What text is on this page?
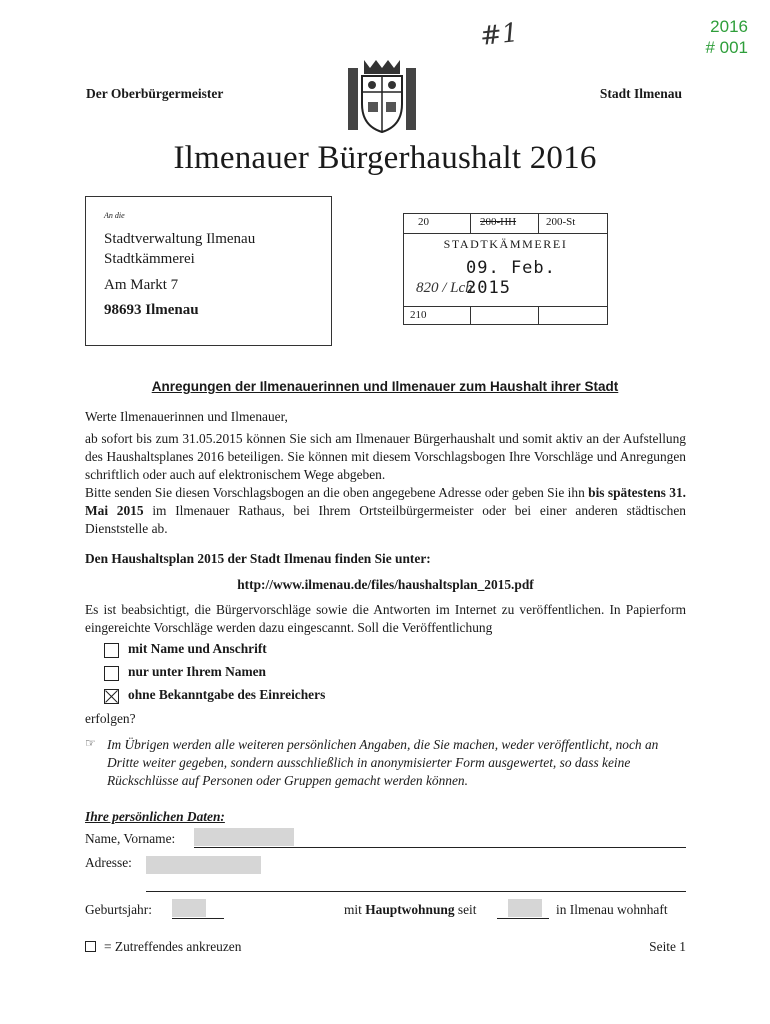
2016
# 001
#1
Der Oberbürgermeister	Stadt Ilmenau
Ilmenauer Bürgerhaushalt 2016
An die
Stadtverwaltung Ilmenau
Stadtkämmerei
Am Markt 7
98693 Ilmenau
20	200-HH	200-St
STADTKÄMMEREI
09. Feb. 2015
820 / Lch.
210
Anregungen der Ilmenauerinnen und Ilmenauer zum Haushalt ihrer Stadt
Werte Ilmenauerinnen und Ilmenauer,
ab sofort bis zum 31.05.2015 können Sie sich am Ilmenauer Bürgerhaushalt und somit aktiv an der Aufstellung des Haushaltsplanes 2016 beteiligen. Sie können mit diesem Vorschlagsbogen Ihre Vorschläge und Anregungen schriftlich oder auch auf elektronischem Wege abgeben.
Bitte senden Sie diesen Vorschlagsbogen an die oben angegebene Adresse oder geben Sie ihn bis spätestens 31. Mai 2015 im Ilmenauer Rathaus, bei Ihrem Ortsteilbürgermeister oder bei einer anderen städtischen Dienststelle ab.
Den Haushaltsplan 2015 der Stadt Ilmenau finden Sie unter:
http://www.ilmenau.de/files/haushaltsplan_2015.pdf
Es ist beabsichtigt, die Bürgervorschläge sowie die Antworten im Internet zu veröffentlichen. In Papierform eingereichte Vorschläge werden dazu eingescannt. Soll die Veröffentlichung
mit Name und Anschrift
nur unter Ihrem Namen
ohne Bekanntgabe des Einreichers
erfolgen?
☞ Im Übrigen werden alle weiteren persönlichen Angaben, die Sie machen, weder veröffentlicht, noch an Dritte weiter gegeben, sondern ausschließlich in anonymisierter Form ausgewertet, so dass keine Rückschlüsse auf Personen oder Gruppen gemacht werden können.
Ihre persönlichen Daten:
Name, Vorname:
Adresse:
Geburtsjahr:	mit Hauptwohnung seit	in Ilmenau wohnhaft
= Zutreffendes ankreuzen	Seite 1
